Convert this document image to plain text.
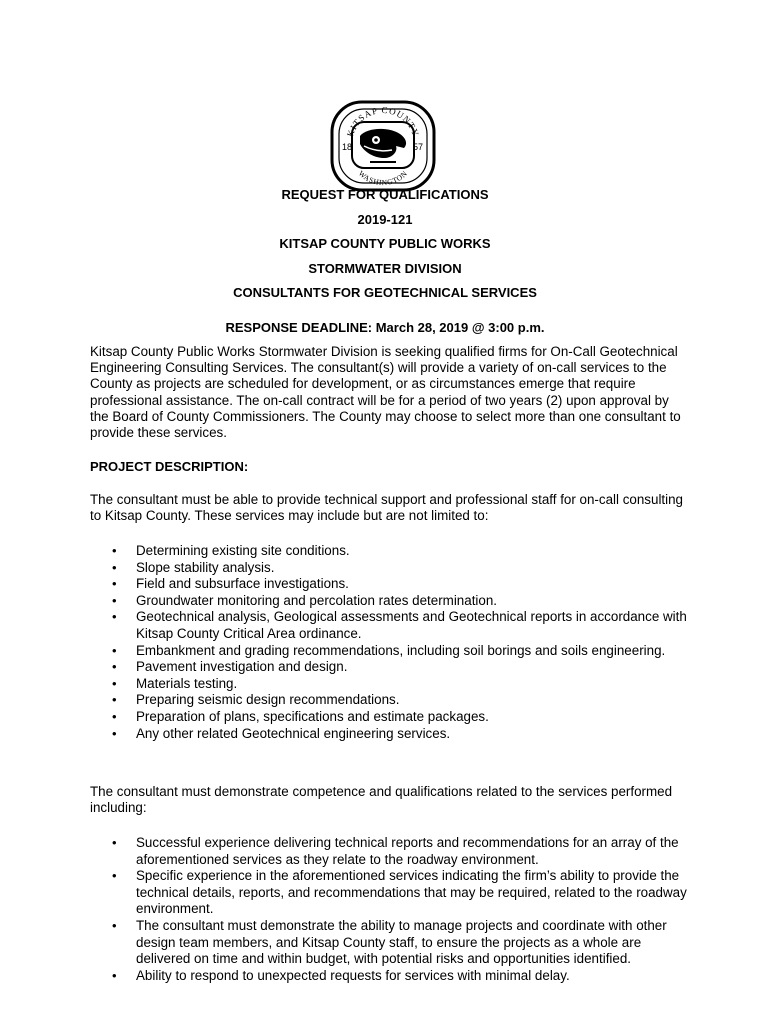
KITSAP COUNTY
WASHINGTON
18	57
REQUEST FOR QUALIFICATIONS
2019-121
KITSAP COUNTY PUBLIC WORKS
STORMWATER DIVISION
CONSULTANTS FOR GEOTECHNICAL SERVICES
RESPONSE DEADLINE: March 28, 2019 @ 3:00 p.m.
Kitsap County Public Works Stormwater Division is seeking qualified firms for On-Call Geotechnical Engineering Consulting Services. The consultant(s) will provide a variety of on-call services to the County as projects are scheduled for development, or as circumstances emerge that require professional assistance. The on-call contract will be for a period of two years (2) upon approval by the Board of County Commissioners. The County may choose to select more than one consultant to provide these services.
PROJECT DESCRIPTION:
The consultant must be able to provide technical support and professional staff for on-call consulting to Kitsap County. These services may include but are not limited to:
• Determining existing site conditions.
• Slope stability analysis.
• Field and subsurface investigations.
• Groundwater monitoring and percolation rates determination.
• Geotechnical analysis, Geological assessments and Geotechnical reports in accordance with Kitsap County Critical Area ordinance.
• Embankment and grading recommendations, including soil borings and soils engineering.
• Pavement investigation and design.
• Materials testing.
• Preparing seismic design recommendations.
• Preparation of plans, specifications and estimate packages.
• Any other related Geotechnical engineering services.
The consultant must demonstrate competence and qualifications related to the services performed including:
• Successful experience delivering technical reports and recommendations for an array of the aforementioned services as they relate to the roadway environment.
• Specific experience in the aforementioned services indicating the firm’s ability to provide the technical details, reports, and recommendations that may be required, related to the roadway environment.
• The consultant must demonstrate the ability to manage projects and coordinate with other design team members, and Kitsap County staff, to ensure the projects as a whole are delivered on time and within budget, with potential risks and opportunities identified.
• Ability to respond to unexpected requests for services with minimal delay.
